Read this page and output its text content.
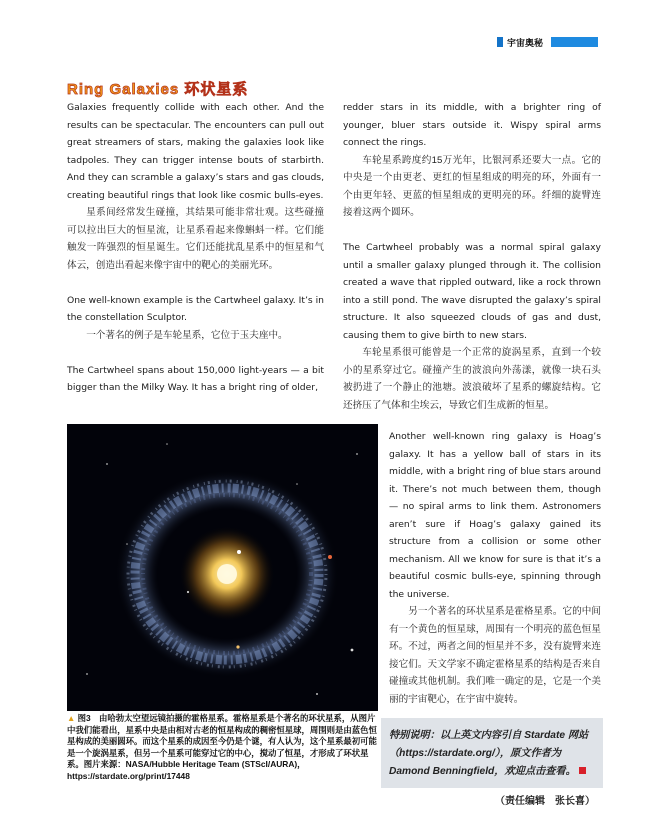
宇宙奥秘
Ring Galaxies 环状星系

Galaxies frequently collide with each other. And the results can be spectacular. The encounters can pull out great streamers of stars, making the galaxies look like tadpoles. They can trigger intense bouts of starbirth. And they can scramble a galaxy’s stars and gas clouds, creating beautiful rings that look like cosmic bulls-eyes.

星系间经常发生碰撞，其结果可能非常壮观。这些碰撞可以拉出巨大的恒星流，让星系看起来像蝌蚪一样。它们能触发一阵强烈的恒星诞生。它们还能扰乱星系中的恒星和气体云，创造出看起来像宇宙中的靶心的美丽光环。

One well-known example is the Cartwheel galaxy. It’s in the constellation Sculptor.

一个著名的例子是车轮星系，它位于玉夫座中。

The Cartwheel spans about 150,000 light-years — a bit bigger than the Milky Way. It has a bright ring of older,

redder stars in its middle, with a brighter ring of younger, bluer stars outside it. Wispy spiral arms connect the rings.

车轮星系跨度约15万光年，比银河系还要大一点。它的中央是一个由更老、更红的恒星组成的明亮的环，外面有一个由更年轻、更蓝的恒星组成的更明亮的环。纤细的旋臂连接着这两个圆环。

The Cartwheel probably was a normal spiral galaxy until a smaller galaxy plunged through it. The collision created a wave that rippled outward, like a rock thrown into a still pond. The wave disrupted the galaxy’s spiral structure. It also squeezed clouds of gas and dust, causing them to give birth to new stars.

车轮星系很可能曾是一个正常的旋涡星系，直到一个较小的星系穿过它。碰撞产生的波浪向外荡漾，就像一块石头被扔进了一个静止的池塘。波浪破坏了星系的螺旋结构。它还挤压了气体和尘埃云，导致它们生成新的恒星。

Another well-known ring galaxy is Hoag’s galaxy. It has a yellow ball of stars in its middle, with a bright ring of blue stars around it. There’s not much between them, though — no spiral arms to link them. Astronomers aren’t sure if Hoag’s galaxy gained its structure from a collision or some other mechanism. All we know for sure is that it’s a beautiful cosmic bulls-eye, spinning through the universe.

另一个著名的环状星系是霍格星系。它的中间有一个黄色的恒星球，周围有一个明亮的蓝色恒星环。不过，两者之间的恒星并不多，没有旋臂来连接它们。天文学家不确定霍格星系的结构是否来自碰撞或其他机制。我们唯一确定的是，它是一个美丽的宇宙靶心，在宇宙中旋转。

▲ 图3　由哈勃太空望远镜拍摄的霍格星系。霍格星系是个著名的环状星系，从图片中我们能看出，星系中央是由相对古老的恒星构成的稠密恒星球，周围则是由蓝色恒星构成的美丽圆环。而这个星系的成因至今仍是个谜，有人认为，这个星系最初可能是一个旋涡星系，但另一个星系可能穿过它的中心，搅动了恒星，才形成了环状星系。图片来源：NASA/Hubble Heritage Team (STScI/AURA)，https://stardate.org/print/17448

特别说明：以上英文内容引自 Stardate 网站（https://stardate.org/），原文作者为 Damond Benningfield，欢迎点击查看。

（责任编辑　张长喜）
